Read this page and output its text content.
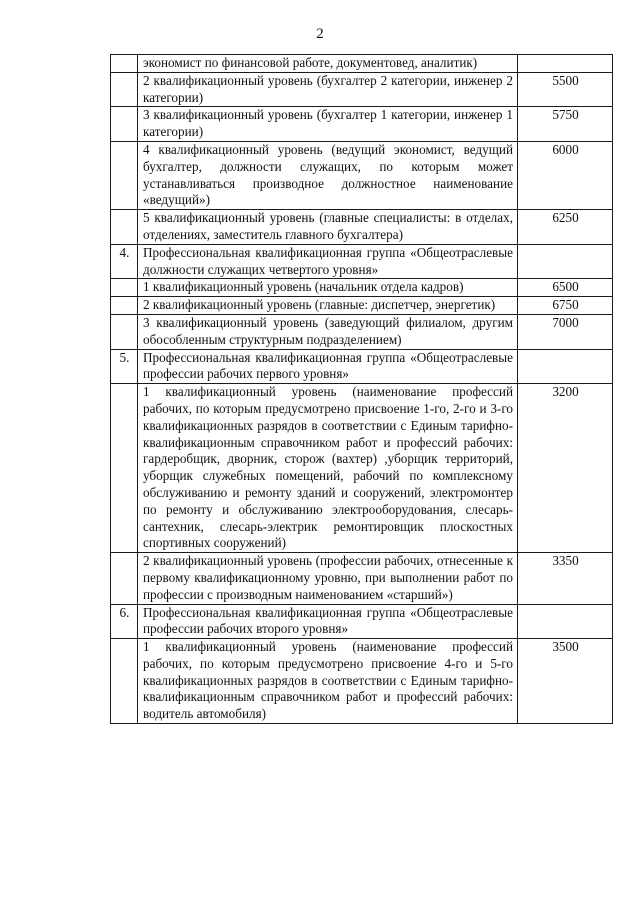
2
	экономист по финансовой работе, документовед, аналитик)	
	2 квалификационный уровень (бухгалтер 2 категории, инженер 2 категории)	5500
	3 квалификационный уровень (бухгалтер 1 категории, инженер 1 категории)	5750
	4 квалификационный уровень (ведущий экономист, ведущий бухгалтер, должности служащих, по которым может устанавливаться производное должностное наименование «ведущий»)	6000
	5 квалификационный уровень (главные специалисты: в отделах, отделениях, заместитель главного бухгалтера)	6250
4.	Профессиональная квалификационная группа «Общеотраслевые должности служащих четвертого уровня»	
	1 квалификационный уровень (начальник отдела кадров)	6500
	2 квалификационный уровень (главные: диспетчер, энергетик)	6750
	3 квалификационный уровень (заведующий филиалом, другим обособленным структурным подразделением)	7000
5.	Профессиональная квалификационная группа «Общеотраслевые профессии рабочих первого уровня»	
	1 квалификационный уровень (наименование профессий рабочих, по которым предусмотрено присвоение 1-го, 2-го и 3-го квалификационных разрядов в соответствии с Единым тарифно-квалификационным справочником работ и профессий рабочих: гардеробщик, дворник, сторож (вахтер) ,уборщик территорий, уборщик служебных помещений, рабочий по комплексному обслуживанию и ремонту зданий и сооружений, электромонтер по ремонту и обслуживанию электрооборудования, слесарь-сантехник, слесарь-электрик ремонтировщик плоскостных спортивных сооружений)	3200
	2 квалификационный уровень (профессии рабочих, отнесенные к первому квалификационному уровню, при выполнении работ по профессии с производным наименованием «старший»)	3350
6.	Профессиональная квалификационная группа «Общеотраслевые профессии рабочих второго уровня»	
	1 квалификационный уровень (наименование профессий рабочих, по которым предусмотрено присвоение 4-го и 5-го квалификационных разрядов в соответствии с Единым тарифно-квалификационным справочником работ и профессий рабочих: водитель автомобиля)	3500
